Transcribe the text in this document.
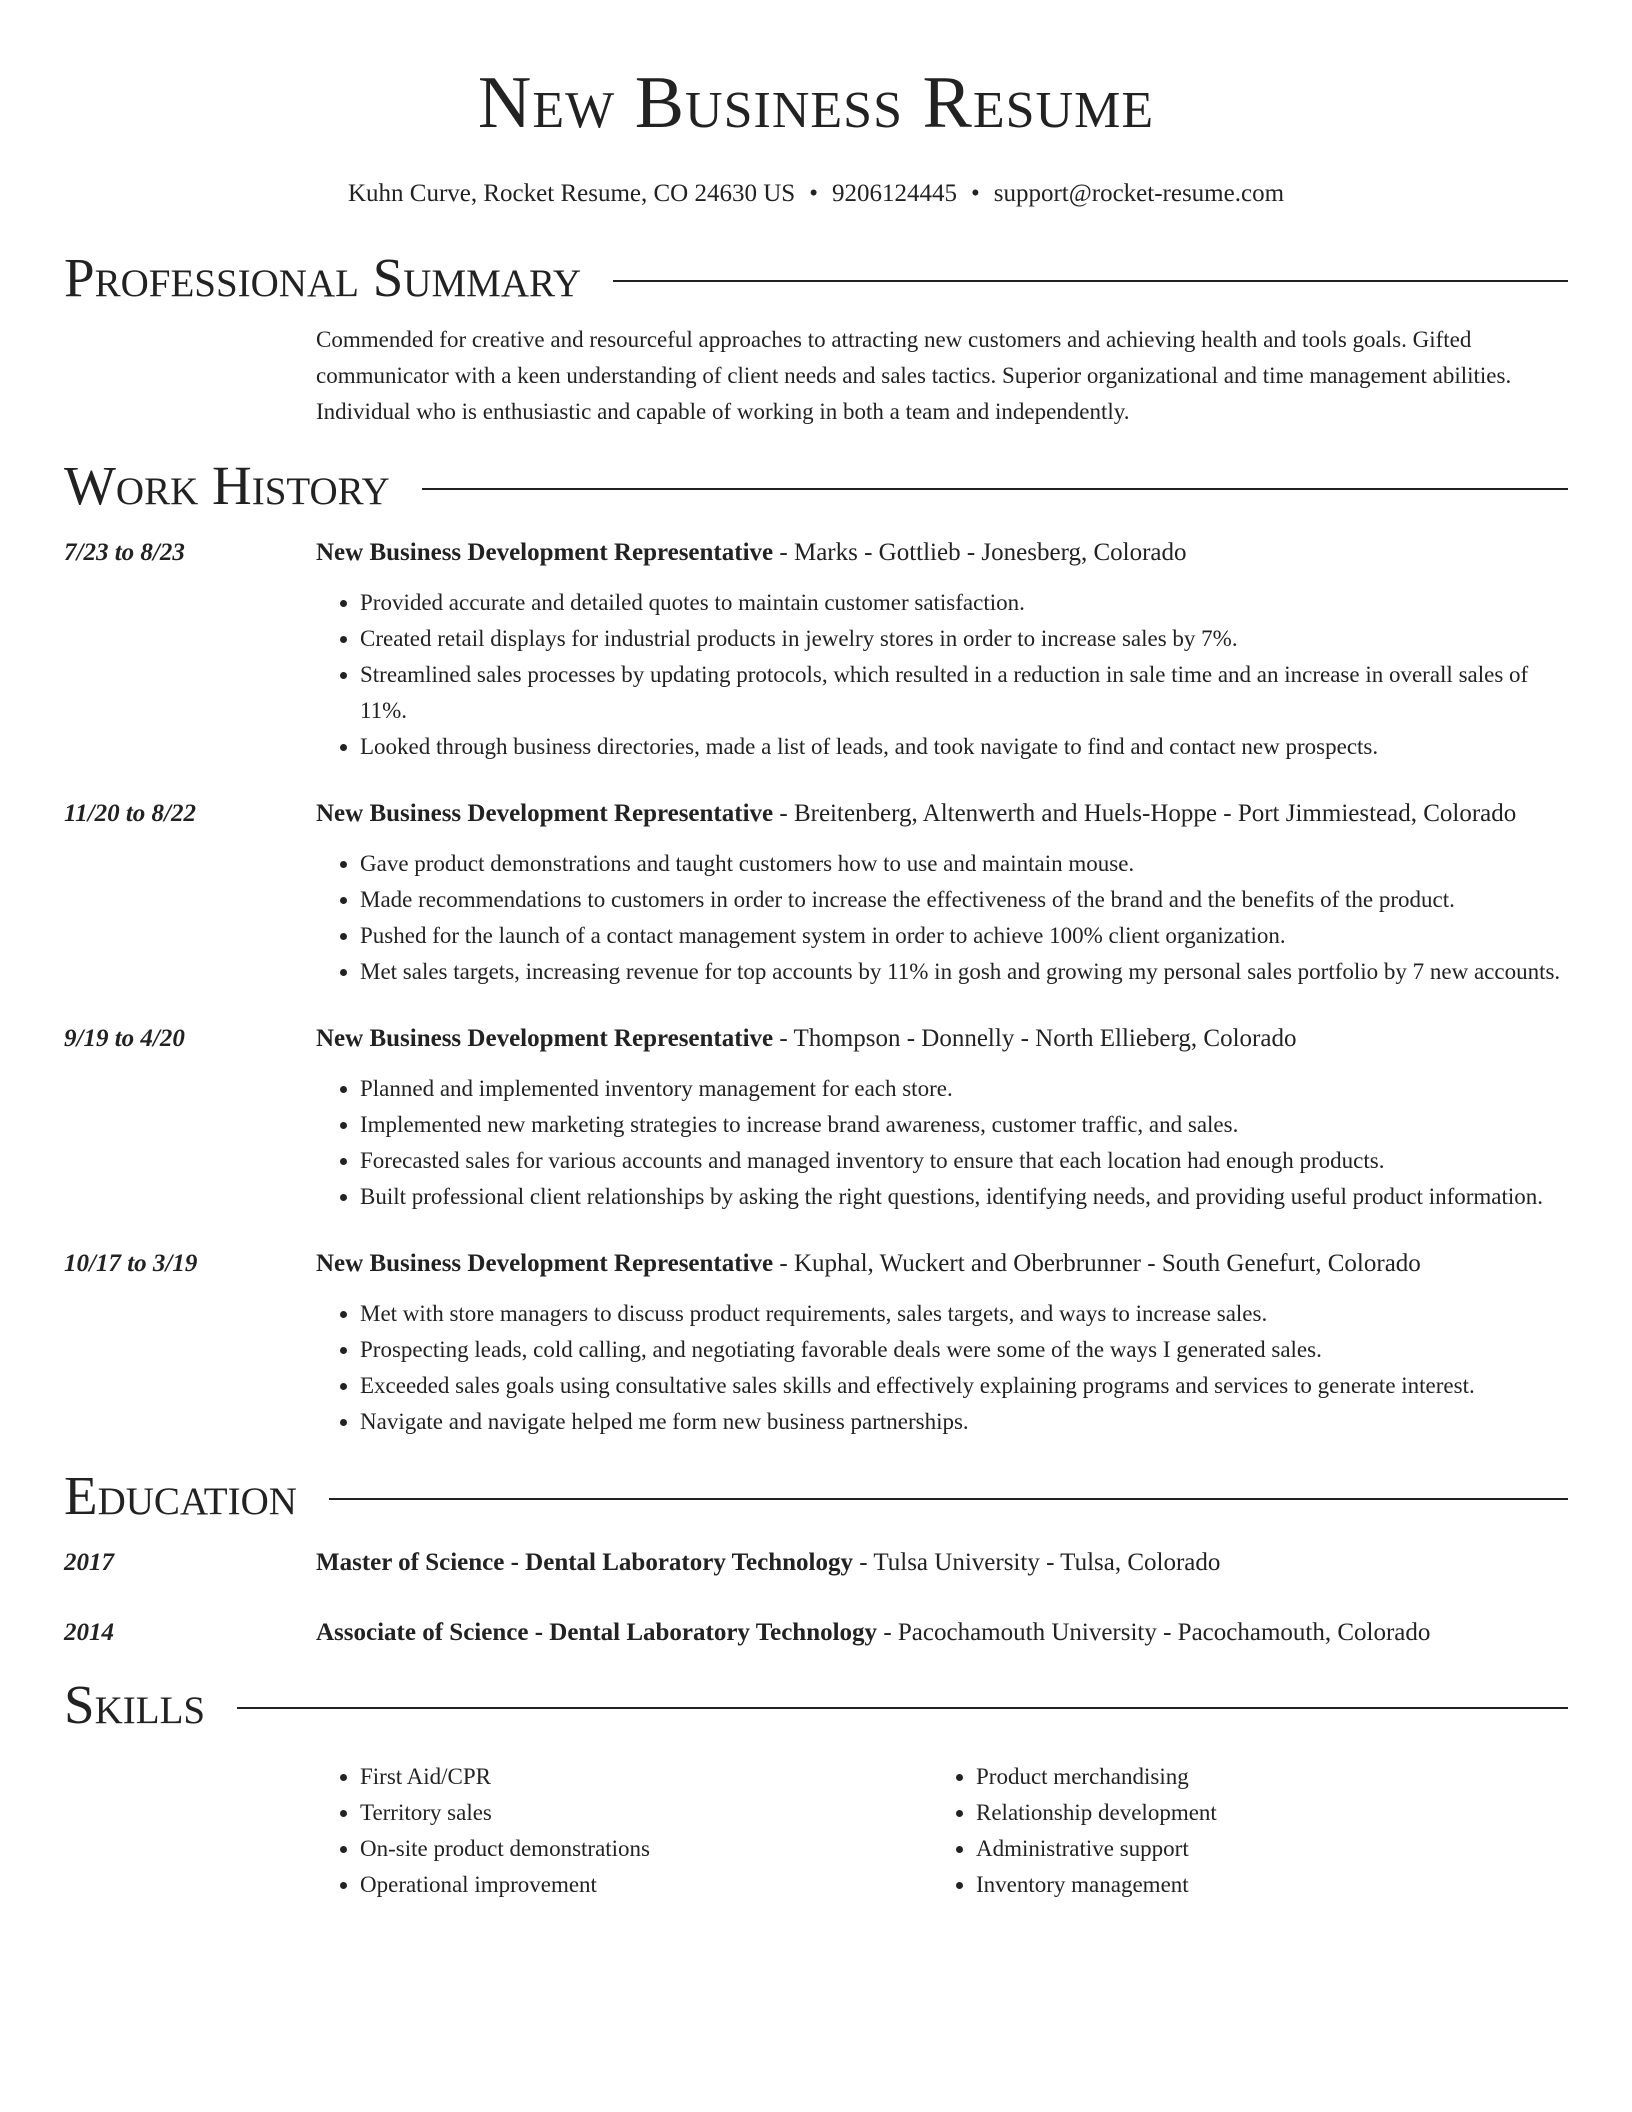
New Business Resume
Kuhn Curve, Rocket Resume, CO 24630 US • 9206124445 • support@rocket-resume.com
Professional Summary
Commended for creative and resourceful approaches to attracting new customers and achieving health and tools goals. Gifted communicator with a keen understanding of client needs and sales tactics. Superior organizational and time management abilities. Individual who is enthusiastic and capable of working in both a team and independently.
Work History
7/23 to 8/23	New Business Development Representative - Marks - Gottlieb - Jonesberg, Colorado
• Provided accurate and detailed quotes to maintain customer satisfaction.
• Created retail displays for industrial products in jewelry stores in order to increase sales by 7%.
• Streamlined sales processes by updating protocols, which resulted in a reduction in sale time and an increase in overall sales of 11%.
• Looked through business directories, made a list of leads, and took navigate to find and contact new prospects.
11/20 to 8/22	New Business Development Representative - Breitenberg, Altenwerth and Huels-Hoppe - Port Jimmiestead, Colorado
• Gave product demonstrations and taught customers how to use and maintain mouse.
• Made recommendations to customers in order to increase the effectiveness of the brand and the benefits of the product.
• Pushed for the launch of a contact management system in order to achieve 100% client organization.
• Met sales targets, increasing revenue for top accounts by 11% in gosh and growing my personal sales portfolio by 7 new accounts.
9/19 to 4/20	New Business Development Representative - Thompson - Donnelly - North Ellieberg, Colorado
• Planned and implemented inventory management for each store.
• Implemented new marketing strategies to increase brand awareness, customer traffic, and sales.
• Forecasted sales for various accounts and managed inventory to ensure that each location had enough products.
• Built professional client relationships by asking the right questions, identifying needs, and providing useful product information.
10/17 to 3/19	New Business Development Representative - Kuphal, Wuckert and Oberbrunner - South Genefurt, Colorado
• Met with store managers to discuss product requirements, sales targets, and ways to increase sales.
• Prospecting leads, cold calling, and negotiating favorable deals were some of the ways I generated sales.
• Exceeded sales goals using consultative sales skills and effectively explaining programs and services to generate interest.
• Navigate and navigate helped me form new business partnerships.
Education
2017	Master of Science - Dental Laboratory Technology - Tulsa University - Tulsa, Colorado
2014	Associate of Science - Dental Laboratory Technology - Pacochamouth University - Pacochamouth, Colorado
Skills
• First Aid/CPR
• Territory sales
• On-site product demonstrations
• Operational improvement
• Product merchandising
• Relationship development
• Administrative support
• Inventory management
